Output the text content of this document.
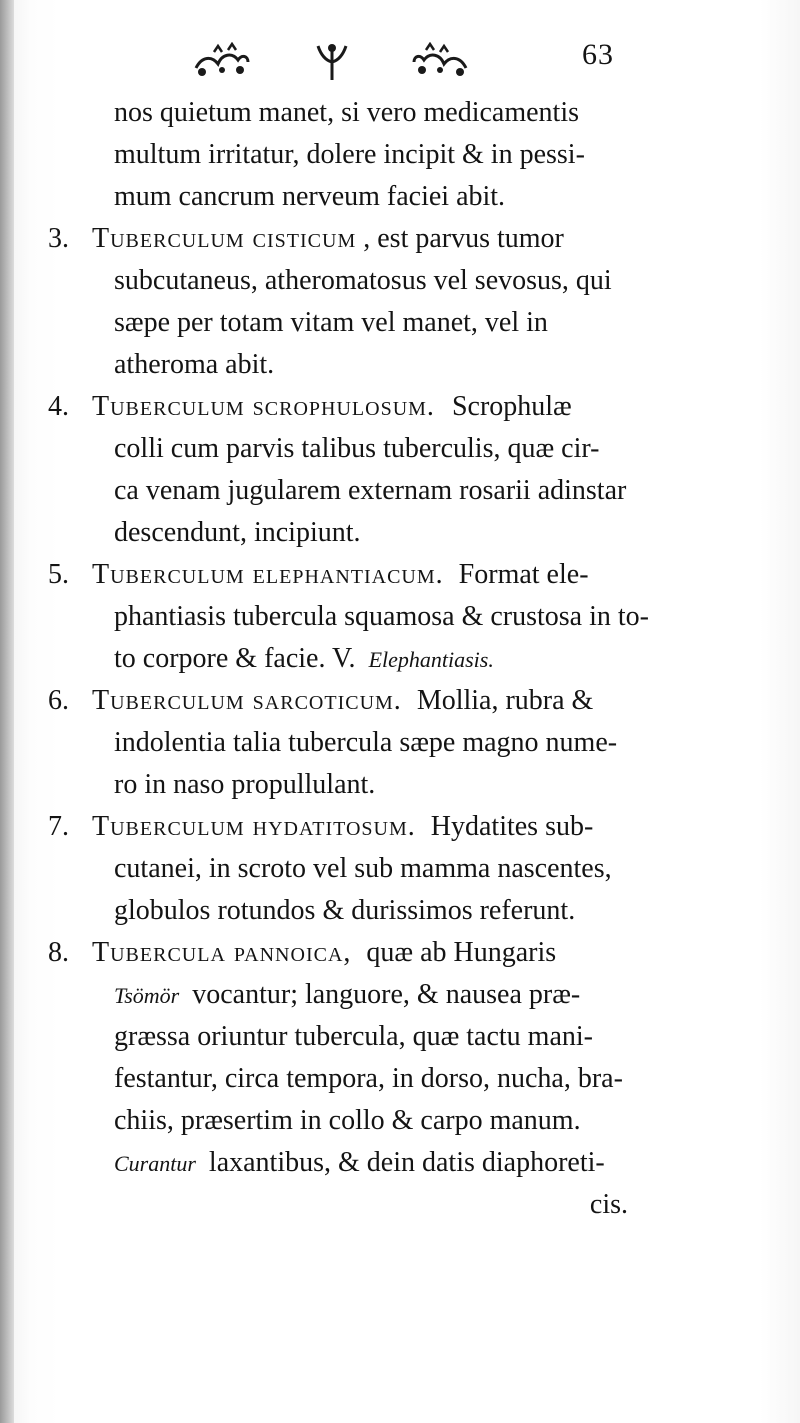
63
nos quietum manet, si vero medicamentis
multum irritatur, dolere incipit & in pessi-
mum cancrum nerveum faciei abit.
3. Tuberculum cisticum , est parvus tumor
subcutaneus, atheromatosus vel sevosus, qui
sæpe per totam vitam vel manet, vel in
atheroma abit.
4. Tuberculum scrophulosum. Scrophulæ
colli cum parvis talibus tuberculis, quæ cir-
ca venam jugularem externam rosarii adinstar
descendunt, incipiunt.
5. Tuberculum elephantiacum. Format ele-
phantiasis tubercula squamosa & crustosa in to-
to corpore & facie. V. Elephantiasis.
6. Tuberculum sarcoticum. Mollia, rubra &
indolentia talia tubercula sæpe magno nume-
ro in naso propullulant.
7. Tuberculum hydatitosum. Hydatites sub-
cutanei, in scroto vel sub mamma nascentes,
globulos rotundos & durissimos referunt.
8. Tubercula pannoica, quæ ab Hungaris
Tsömör vocantur; languore, & nausea præ-
græssa oriuntur tubercula, quæ tactu mani-
festantur, circa tempora, in dorso, nucha, bra-
chiis, præsertim in collo & carpo manum.
Curantur laxantibus, & dein datis diaphoreti-
cis.
